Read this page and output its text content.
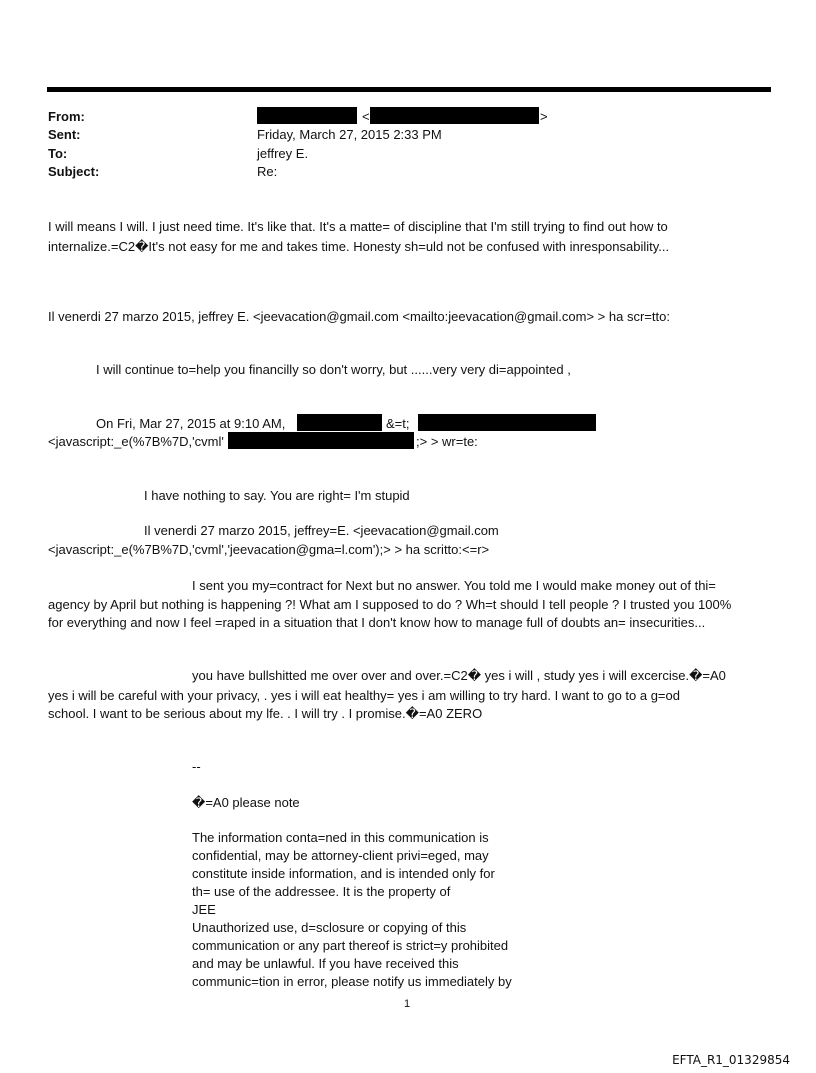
From:	<	>
Sent:	Friday, March 27, 2015 2:33 PM
To:	jeffrey E.
Subject:	Re:
I will means I will. I just need time. It's like that. It's a matte= of discipline that I'm still trying to find out how to
internalize.=C2�It's not easy for me and takes time. Honesty sh=uld not be confused with inresponsability...
Il venerdi 27 marzo 2015, jeffrey E. <jeevacation@gmail.com <mailto:jeevacation@gmail.com> > ha scr=tto:
I will continue to=help you financilly so don't worry, but ......very very di=appointed ,
On Fri, Mar 27, 2015 at 9:10 AM,	&=t;
<javascript:_e(%7B%7D,'cvml'	;> > wr=te:
I have nothing to say. You are right= I'm stupid
Il venerdi 27 marzo 2015, jeffrey=E. <jeevacation@gmail.com
<javascript:_e(%7B%7D,'cvml','jeevacation@gma=l.com');> > ha scritto:<=r>
I sent you my=contract for Next but no answer. You told me I would make money out of thi=
agency by April but nothing is happening ?! What am I supposed to do ? Wh=t should I tell people ? I trusted you 100%
for everything and now I feel =raped in a situation that I don't know how to manage full of doubts an= insecurities...
you have bullshitted me over over and over.=C2� yes i will , study yes i will excercise.�=A0
yes i will be careful with your privacy, . yes i will eat healthy= yes i am willing to try hard. I want to go to a g=od
school. I want to be serious about my lfe. . I will try . I promise.�=A0 ZERO
--
�=A0 please note
The information conta=ned in this communication is
confidential, may be attorney-client privi=eged, may
constitute inside information, and is intended only for
th= use of the addressee. It is the property of
JEE
Unauthorized use, d=sclosure or copying of this
communication or any part thereof is strict=y prohibited
and may be unlawful. If you have received this
communic=tion in error, please notify us immediately by
1
EFTA_R1_01329854
